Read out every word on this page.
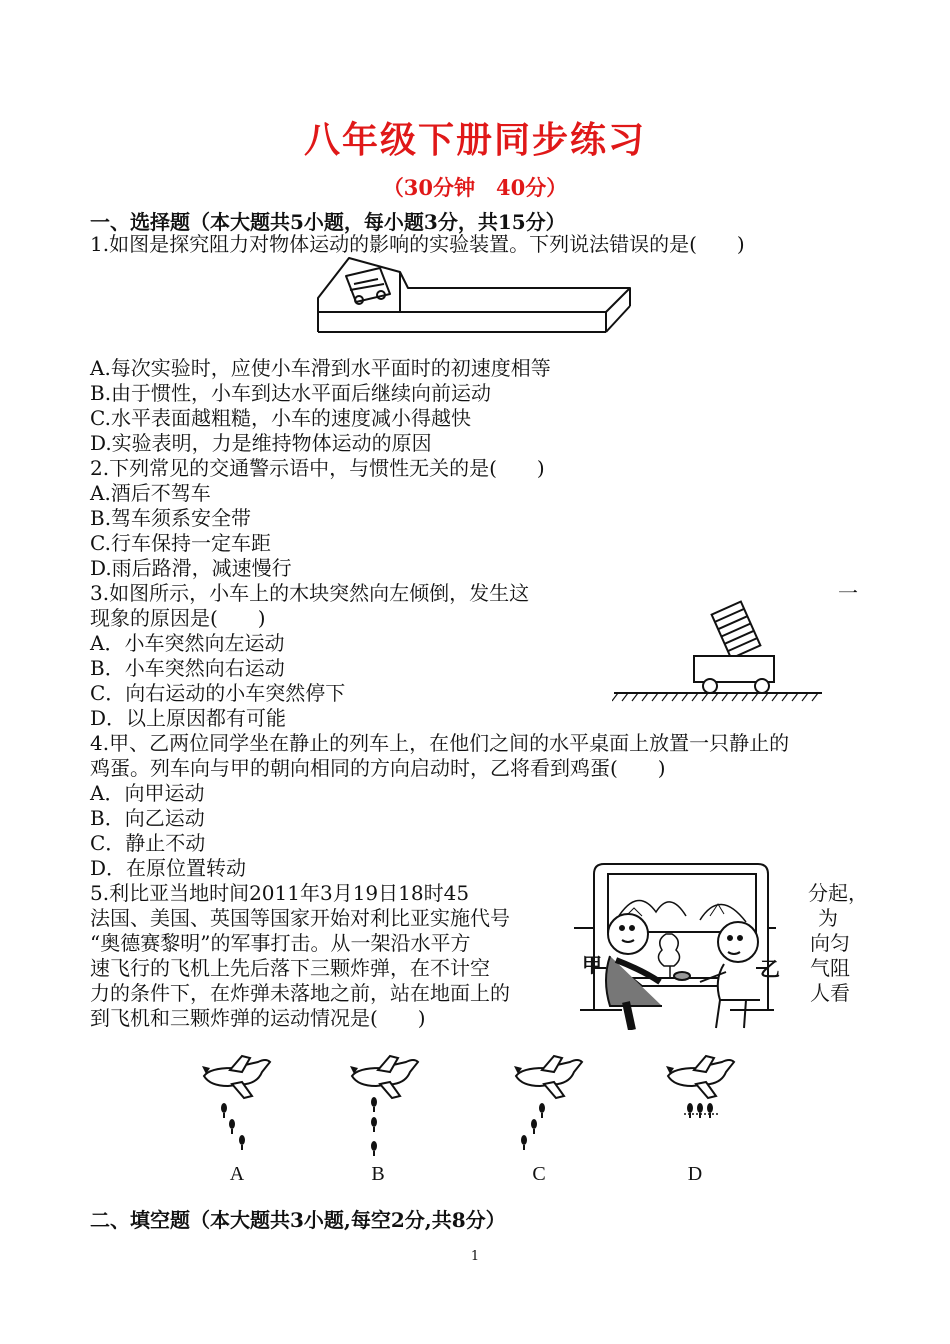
八年级下册同步练习
（30分钟　40分）
一、选择题（本大题共5小题，每小题3分，共15分）
1.如图是探究阻力对物体运动的影响的实验装置。下列说法错误的是(　　)
A.每次实验时，应使小车滑到水平面时的初速度相等
B.由于惯性，小车到达水平面后继续向前运动
C.水平表面越粗糙，小车的速度减小得越快
D.实验表明，力是维持物体运动的原因
2.下列常见的交通警示语中，与惯性无关的是(　　)
A.酒后不驾车
B.驾车须系安全带
C.行车保持一定车距
D.雨后路滑，减速慢行
3.如图所示，小车上的木块突然向左倾倒，发生这	一
现象的原因是(　　)
A．小车突然向左运动
B．小车突然向右运动
C．向右运动的小车突然停下
D．以上原因都有可能
4.甲、乙两位同学坐在静止的列车上，在他们之间的水平桌面上放置一只静止的
鸡蛋。列车向与甲的朝向相同的方向启动时，乙将看到鸡蛋(　　)
A．向甲运动
B．向乙运动
C．静止不动
D．在原位置转动
5.利比亚当地时间2011年3月19日18时45	分起，
法国、美国、英国等国家开始对利比亚实施代号	为
“奥德赛黎明”的军事打击。从一架沿水平方	向匀
速飞行的飞机上先后落下三颗炸弹，在不计空	气阻
力的条件下，在炸弹未落地之前，站在地面上的	人看
到飞机和三颗炸弹的运动情况是(　　)
甲	乙
A	B	C	D
二、填空题（本大题共3小题,每空2分,共8分）
1
